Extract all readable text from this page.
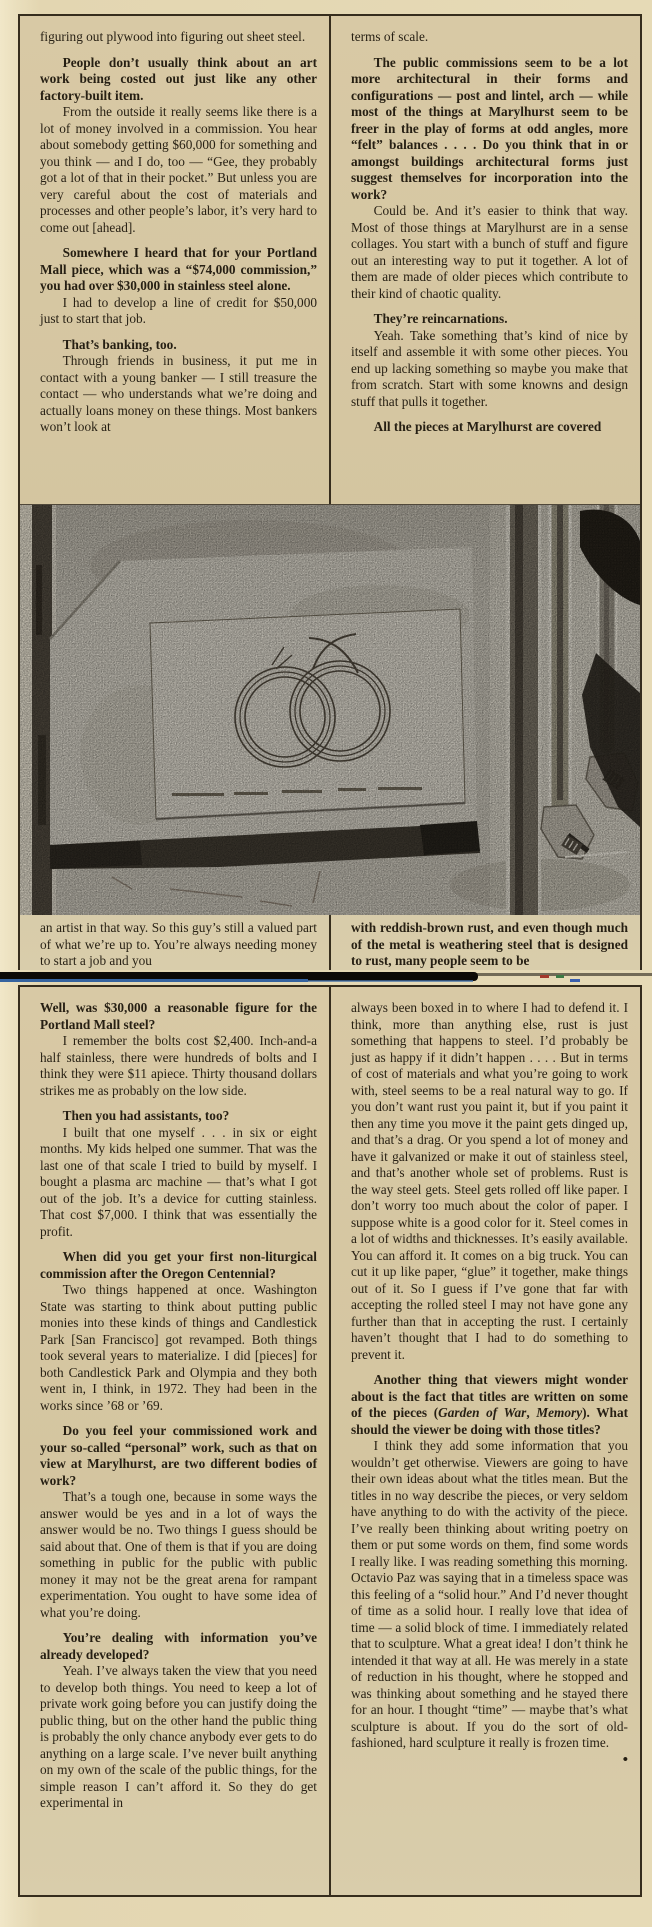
figuring out plywood into figuring out sheet steel.

People don’t usually think about an art work being costed out just like any other factory-built item.

From the outside it really seems like there is a lot of money involved in a commission. You hear about somebody getting $60,000 for something and you think — and I do, too — “Gee, they probably got a lot of that in their pocket.” But unless you are very careful about the cost of materials and processes and other people’s labor, it’s very hard to come out [ahead].

Somewhere I heard that for your Portland Mall piece, which was a “$74,000 commission,” you had over $30,000 in stainless steel alone.

I had to develop a line of credit for $50,000 just to start that job.

That’s banking, too.

Through friends in business, it put me in contact with a young banker — I still treasure the contact — who understands what we’re doing and actually loans money on these things. Most bankers won’t look at

terms of scale.

The public commissions seem to be a lot more architectural in their forms and configurations — post and lintel, arch — while most of the things at Marylhurst seem to be freer in the play of forms at odd angles, more “felt” balances . . . . Do you think that in or amongst buildings architectural forms just suggest themselves for incorporation into the work?

Could be. And it’s easier to think that way. Most of those things at Marylhurst are in a sense collages. You start with a bunch of stuff and figure out an interesting way to put it together. A lot of them are made of older pieces which contribute to their kind of chaotic quality.

They’re reincarnations.

Yeah. Take something that’s kind of nice by itself and assemble it with some other pieces. You end up lacking something so maybe you make that from scratch. Start with some knowns and design stuff that pulls it together.

All the pieces at Marylhurst are covered

an artist in that way. So this guy’s still a valued part of what we’re up to. You’re always needing money to start a job and you

with reddish-brown rust, and even though much of the metal is weathering steel that is designed to rust, many people seem to be

Well, was $30,000 a reasonable figure for the Portland Mall steel?

I remember the bolts cost $2,400. Inch-and-a half stainless, there were hundreds of bolts and I think they were $11 apiece. Thirty thousand dollars strikes me as probably on the low side.

Then you had assistants, too?

I built that one myself . . . in six or eight months. My kids helped one summer. That was the last one of that scale I tried to build by myself. I bought a plasma arc machine — that’s what I got out of the job. It’s a device for cutting stainless. That cost $7,000. I think that was essentially the profit.

When did you get your first non-liturgical commission after the Oregon Centennial?

Two things happened at once. Washington State was starting to think about putting public monies into these kinds of things and Candlestick Park [San Francisco] got revamped. Both things took several years to materialize. I did [pieces] for both Candlestick Park and Olympia and they both went in, I think, in 1972. They had been in the works since ’68 or ’69.

Do you feel your commissioned work and your so-called “personal” work, such as that on view at Marylhurst, are two different bodies of work?

That’s a tough one, because in some ways the answer would be yes and in a lot of ways the answer would be no. Two things I guess should be said about that. One of them is that if you are doing something in public for the public with public money it may not be the great arena for rampant experimentation. You ought to have some idea of what you’re doing.

You’re dealing with information you’ve already developed?

Yeah. I’ve always taken the view that you need to develop both things. You need to keep a lot of private work going before you can justify doing the public thing, but on the other hand the public thing is probably the only chance anybody ever gets to do anything on a large scale. I’ve never built anything on my own of the scale of the public things, for the simple reason I can’t afford it. So they do get experimental in

always been boxed in to where I had to defend it. I think, more than anything else, rust is just something that happens to steel. I’d probably be just as happy if it didn’t happen . . . . But in terms of cost of materials and what you’re going to work with, steel seems to be a real natural way to go. If you don’t want rust you paint it, but if you paint it then any time you move it the paint gets dinged up, and that’s a drag. Or you spend a lot of money and have it galvanized or make it out of stainless steel, and that’s another whole set of problems. Rust is the way steel gets. Steel gets rolled off like paper. I don’t worry too much about the color of paper. I suppose white is a good color for it. Steel comes in a lot of widths and thicknesses. It’s easily available. You can afford it. It comes on a big truck. You can cut it up like paper, “glue” it together, make things out of it. So I guess if I’ve gone that far with accepting the rolled steel I may not have gone any further than that in accepting the rust. I certainly haven’t thought that I had to do something to prevent it.

Another thing that viewers might wonder about is the fact that titles are written on some of the pieces (Garden of War, Memory). What should the viewer be doing with those titles?

I think they add some information that you wouldn’t get otherwise. Viewers are going to have their own ideas about what the titles mean. But the titles in no way describe the pieces, or very seldom have anything to do with the activity of the piece. I’ve really been thinking about writing poetry on them or put some words on them, find some words I really like. I was reading something this morning. Octavio Paz was saying that in a timeless space was this feeling of a “solid hour.” And I’d never thought of time as a solid hour. I really love that idea of time — a solid block of time. I immediately related that to sculpture. What a great idea! I don’t think he intended it that way at all. He was merely in a state of reduction in his thought, where he stopped and was thinking about something and he stayed there for an hour. I thought “time” — maybe that’s what sculpture is about. If you do the sort of old-fashioned, hard sculpture it really is frozen time.
•
